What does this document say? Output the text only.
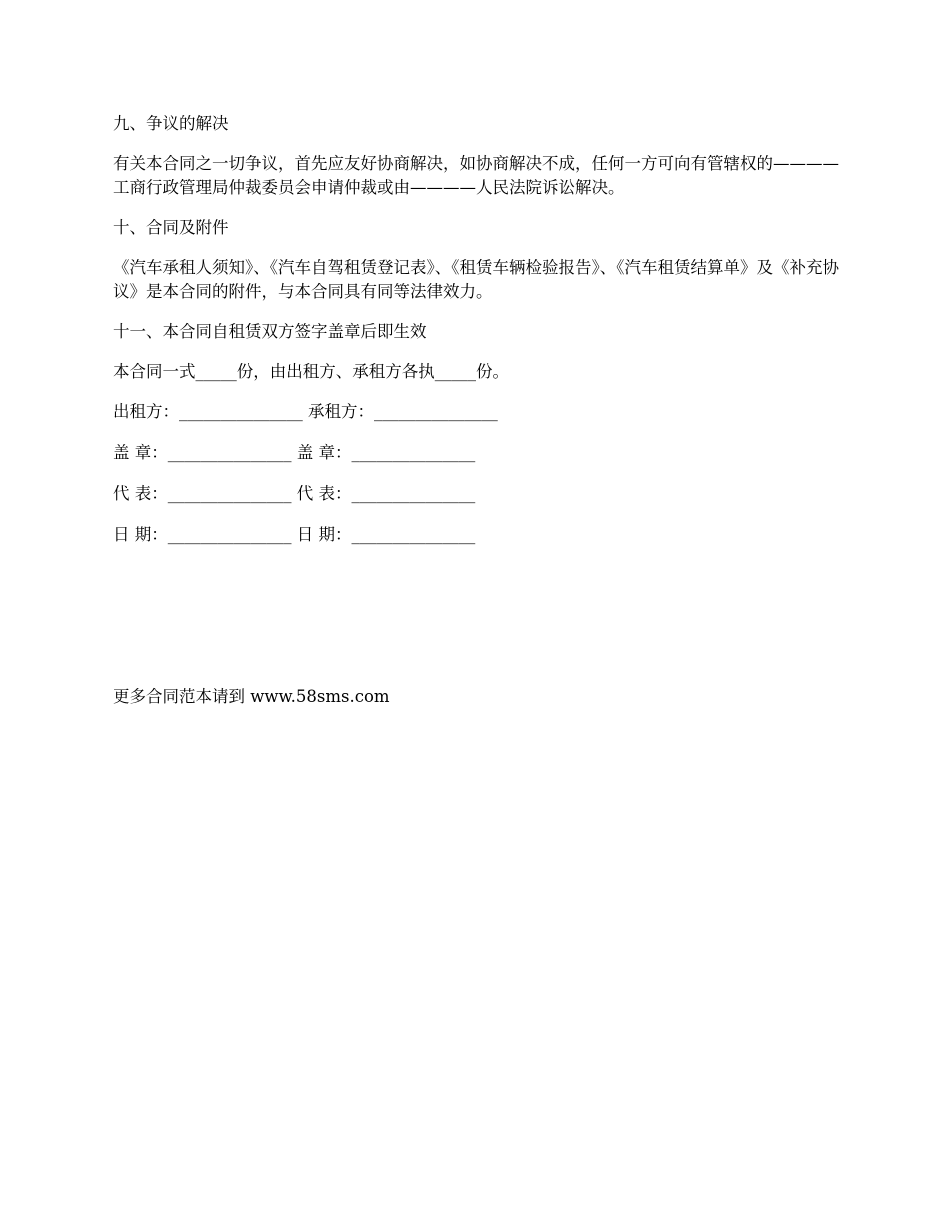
九、争议的解决

有关本合同之一切争议，首先应友好协商解决，如协商解决不成，任何一方可向有管辖权的————工商行政管理局仲裁委员会申请仲裁或由————人民法院诉讼解决。

十、合同及附件

《汽车承租人须知》、《汽车自驾租赁登记表》、《租赁车辆检验报告》、《汽车租赁结算单》及《补充协议》是本合同的附件，与本合同具有同等法律效力。

十一、本合同自租赁双方签字盖章后即生效

本合同一式_____份，由出租方、承租方各执_____份。

出租方：_______________ 承租方：_______________

盖 章：_______________ 盖 章：_______________

代 表：_______________ 代 表：_______________

日 期：_______________ 日 期：_______________

更多合同范本请到 www.58sms.com
